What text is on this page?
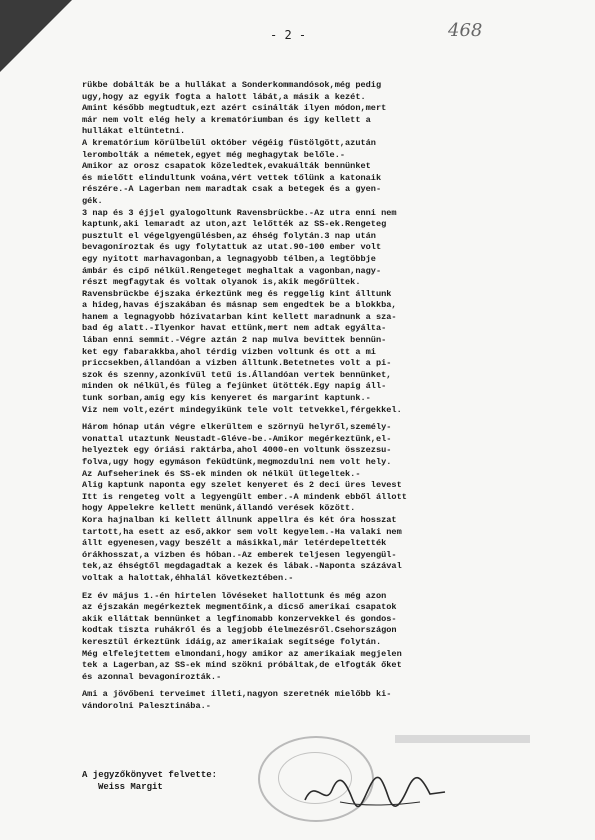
- 2 -	468
rükbe dobálták be a hullákat a Sonderkommandósok,még pedig
ugy,hogy az egyik fogta a halott lábát,a másik a kezét.
Amint később megtudtuk,ezt azért csinálták ilyen módon,mert
már nem volt elég hely a krematóriumban és igy kellett a
hullákat eltüntetni.
A krematórium körülbelül október végéig füstölgött,azután
lerombolták a németek,egyet még meghagytak belőle.-
Amikor az orosz csapatok közeledtek,evakuálták bennünket
és mielőtt elindultunk voána,vért vettek tőlünk a katonaik
részére.-A Lagerban nem maradtak csak a betegek és a gyen-
gék.
3 nap és 3 éjjel gyalogoltunk Ravensbrückbe.-Az utra enni nem
kaptunk,aki lemaradt az uton,azt lelőtték az SS-ek.Rengeteg
pusztult el végelgyengülésben,az éhség folytán.3 nap után
bevagoníroztak és ugy folytattuk az utat.90-100 ember volt
egy nyitott marhavagonban,a legnagyobb télben,a legtöbbje
ámbár és cipő nélkül.Rengeteget meghaltak a vagonban,nagy-
részt megfagytak és voltak olyanok is,akik megőrültek.
Ravensbrückbe éjszaka érkeztünk meg és reggelig kint álltunk
a hideg,havas éjszakában és másnap sem engedtek be a blokkba,
hanem a legnagyobb hózivatarban kint kellett maradnunk a sza-
bad ég alatt.-Ilyenkor havat ettünk,mert nem adtak egyálta-
lában enni semmit.-Végre aztán 2 nap mulva bevittek bennün-
ket egy fabarakkba,ahol térdig vizben voltunk és ott a mi
priccsekben,állandóan a vizben álltunk.Betetnetes volt a pi-
szok és szenny,azonkívül tetű is.Állandóan vertek bennünket,
minden ok nélkül,és füleg a fejünket ütötték.Egy napig áll-
tunk sorban,amig egy kis kenyeret és margarint kaptunk.-
Viz nem volt,ezért mindegyikünk tele volt tetvekkel,férgekkel.
Három hónap után végre elkerültem e szörnyü helyről,személy-
vonattal utaztunk Neustadt-Gléve-be.-Amikor megérkeztünk,el-
helyeztek egy óriási raktárba,ahol 4000-en voltunk összezsu-
folva,ugy hogy egymáson feküdtünk,megmozdulni nem volt hely.
Az Aufseherinek és SS-ek minden ok nélkül ütlegeltek.-
Alig kaptunk naponta egy szelet kenyeret és 2 deci üres levest
Itt is rengeteg volt a legyengült ember.-A mindenk ebből állott
hogy Appelekre kellett menünk,állandó verések között.
Kora hajnalban ki kellett állnunk appellra és két óra hosszat
tartott,ha esett az eső,akkor sem volt kegyelem.-Ha valaki nem
állt egyenesen,vagy beszélt a másikkal,már letérdepeltették
órákhosszat,a vizben és hóban.-Az emberek teljesen legyengül-
tek,az éhségtől megdagadtak a kezek és lábak.-Naponta százával
voltak a halottak,éhhalál következtében.-
Ez év május 1.-én hirtelen lövéseket hallottunk és még azon
az éjszakán megérkeztek megmentőink,a dicső amerikai csapatok
akik elláttak bennünket a legfinomabb konzervekkel és gondos-
kodtak tiszta ruhákról és a legjobb élelmezésről.Csehországon
keresztül érkeztünk idáig,az amerikaiak segítsége folytán.
Még elfelejtettem elmondani,hogy amikor az amerikaiak megjelen
tek a Lagerban,az SS-ek mind szökni próbáltak,de elfogták őket
és azonnal bevagonírozták.-
Ami a jövőbeni terveimet illeti,nagyon szeretnék mielőbb ki-
vándorolni Palesztinába.-
A jegyzőkönyvet felvette:
Weiss Margit
